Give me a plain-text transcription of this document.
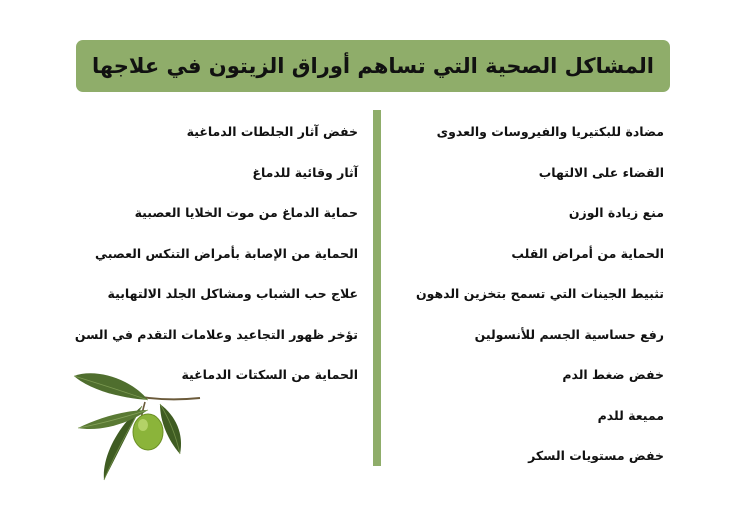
المشاكل الصحية التي تساهم أوراق الزيتون في علاجها
مضادة للبكتيريا والفيروسات والعدوى
القضاء على الالتهاب
منع زيادة الوزن
الحماية من أمراض القلب
تثبيط الجينات التي تسمح بتخزين الدهون
رفع حساسية الجسم للأنسولين
خفض ضغط الدم
مميعة للدم
خفض مستويات السكر
خفض آثار الجلطات الدماغية
آثار وقائية للدماغ
حماية الدماغ من موت الخلايا العصبية
الحماية من الإصابة بأمراض التنكس العصبي
علاج حب الشباب ومشاكل الجلد الالتهابية
تؤخر ظهور التجاعيد وعلامات التقدم في السن
الحماية من السكتات الدماغية
